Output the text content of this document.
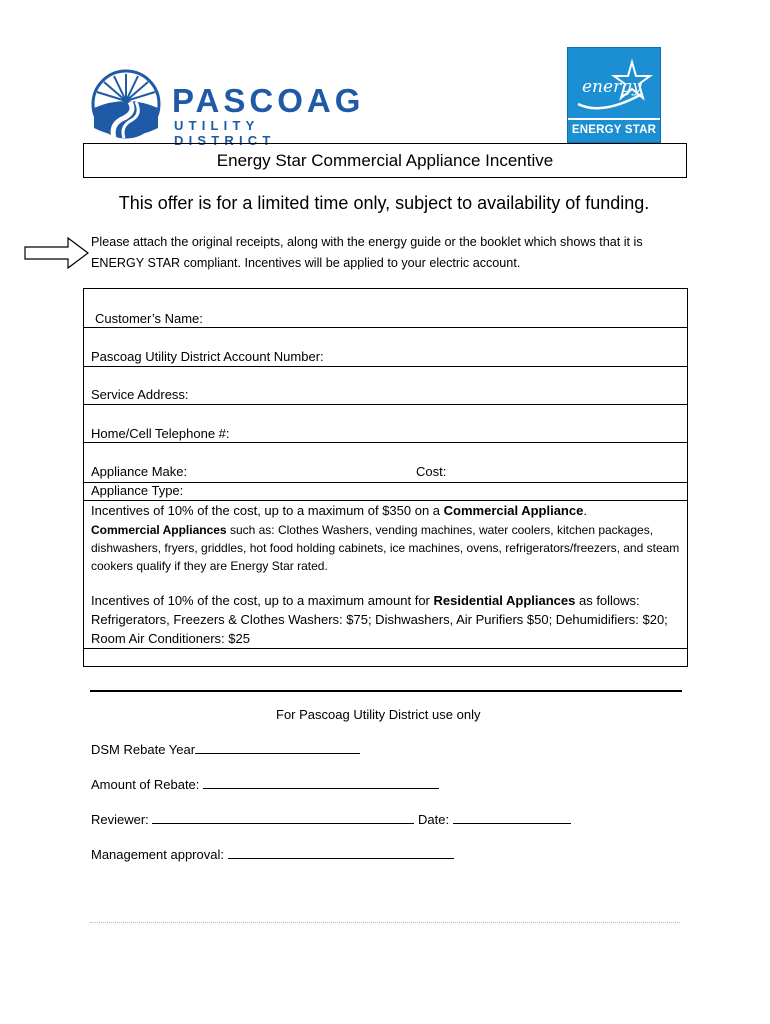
PASCOAG
UTILITY DISTRICT
energy
ENERGY STAR
Energy Star Commercial Appliance Incentive
This offer is for a limited time only, subject to availability of funding.
Please attach the original receipts, along with the energy guide or the booklet which shows that it is ENERGY STAR compliant. Incentives will be applied to your electric account.
Customer’s Name:
Pascoag Utility District Account Number:
Service Address:
Home/Cell Telephone #:
Appliance Make:	Cost:
Appliance Type:
Incentives of 10% of the cost, up to a maximum of $350 on a Commercial Appliance.
Commercial Appliances such as: Clothes Washers, vending machines, water coolers, kitchen packages, dishwashers, fryers, griddles, hot food holding cabinets, ice machines, ovens, refrigerators/freezers, and steam cookers qualify if they are Energy Star rated.
Incentives of 10% of the cost, up to a maximum amount for Residential Appliances as follows: Refrigerators, Freezers & Clothes Washers: $75; Dishwashers, Air Purifiers $50; Dehumidifiers: $20; Room Air Conditioners: $25
For Pascoag Utility District use only
DSM Rebate Year
Amount of Rebate:
Reviewer:	Date:
Management approval:
